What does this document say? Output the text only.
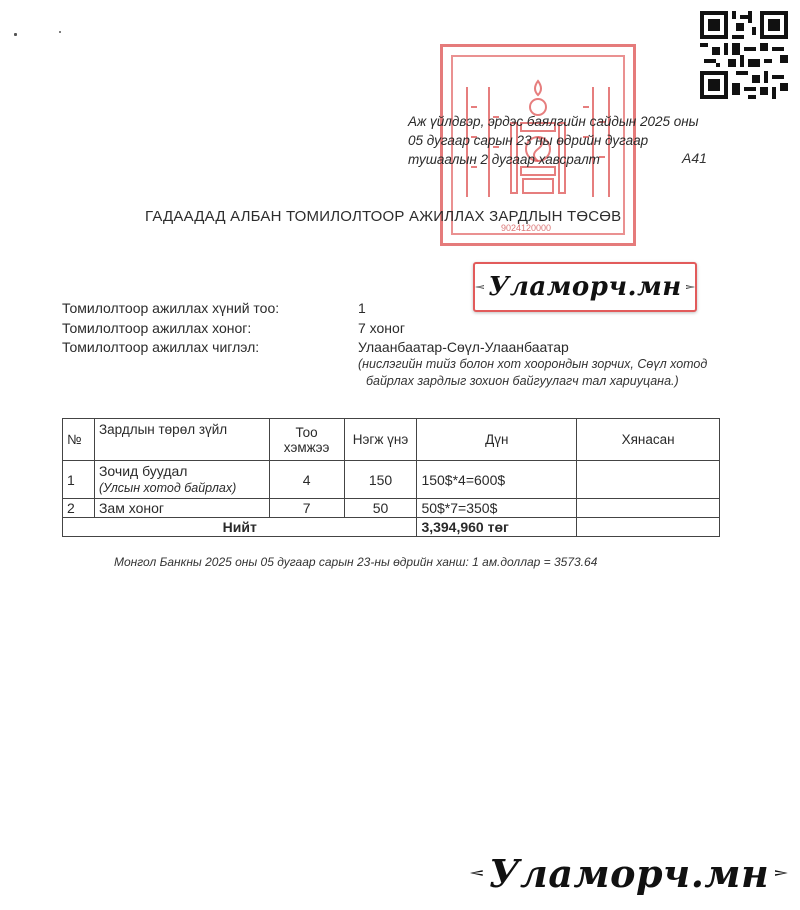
9024120000
Аж үйлдвэр, эрдэс баялгийн сайдын 2025 оны
05 дугаар сарын 23 ны өдрийн дугаар
тушаалын 2 дугаар хавсралт	А41
ГАДААДАД АЛБАН ТОМИЛОЛТООР АЖИЛЛАХ ЗАРДЛЫН ТӨСӨВ
Уламорч.мн
Томилолтоор ажиллах хүний тоо:	1
Томилолтоор ажиллах хоног:	7 хоног
Томилолтоор ажиллах чиглэл:	Улаанбаатар-Сөүл-Улаанбаатар
(нислэгийн тийз болон хот хоорондын зорчих, Сөүл хотод
байрлах зардлыг зохион байгуулагч тал хариуцана.)
№	Зардлын төрөл зүйл	Тоо хэмжээ	Нэгж үнэ	Дүн	Хянасан
1	Зочид буудал
(Улсын хотод байрлах)	4	150	150$*4=600$	
2	Зам хоног	7	50	50$*7=350$	
Нийт				3,394,960 төг	
Монгол Банкны 2025 оны 05 дугаар сарын 23-ны өдрийн ханш: 1 ам.доллар = 3573.64
Уламорч.мн
